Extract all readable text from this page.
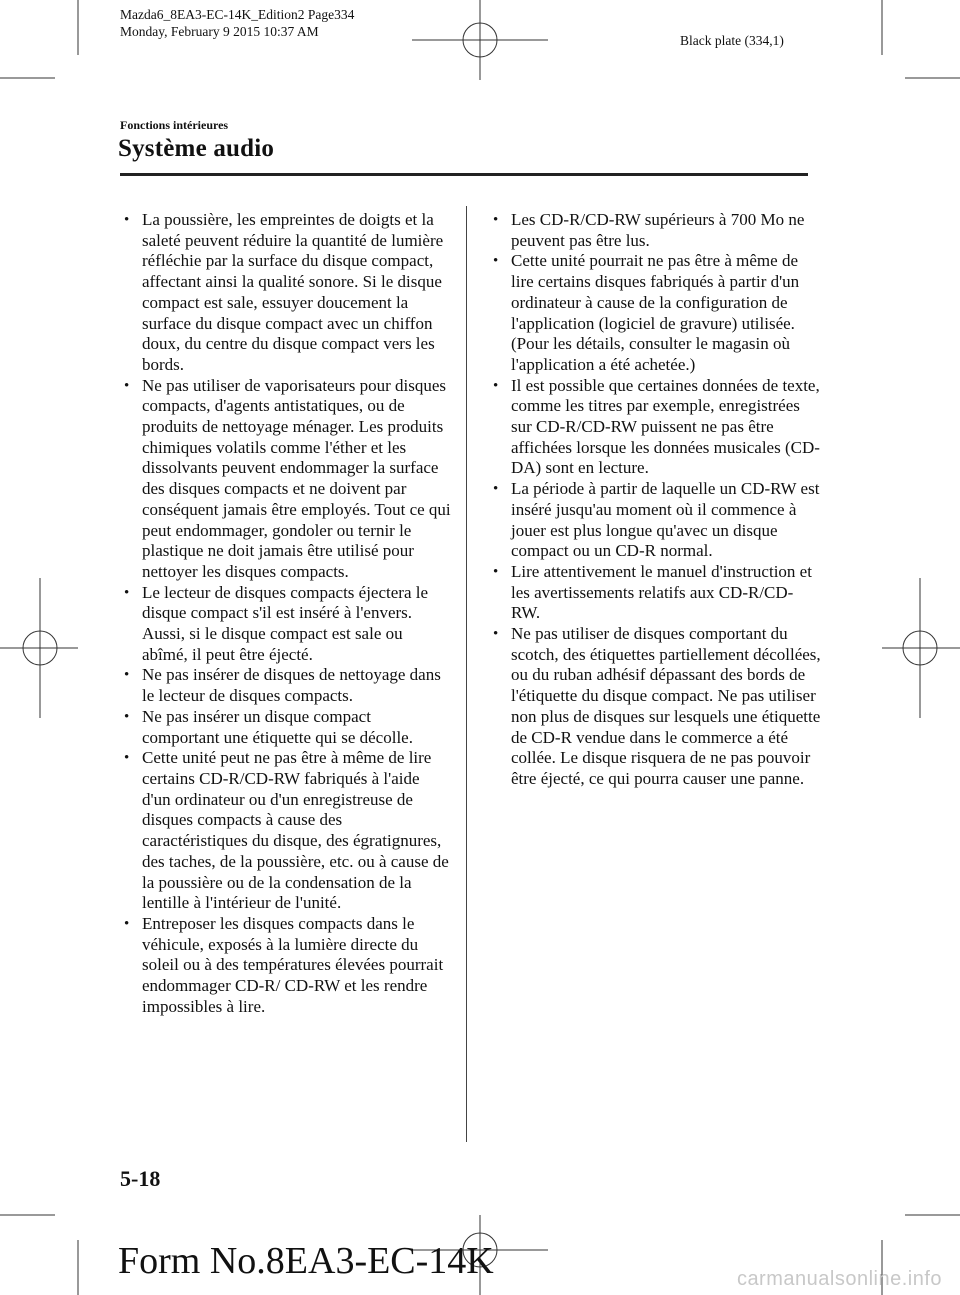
Mazda6_8EA3-EC-14K_Edition2 Page334
Monday, February 9 2015 10:37 AM
Black plate (334,1)
Fonctions intérieures
Système audio
• La poussière, les empreintes de doigts et la saleté peuvent réduire la quantité de lumière réfléchie par la surface du disque compact, affectant ainsi la qualité sonore. Si le disque compact est sale, essuyer doucement la surface du disque compact avec un chiffon doux, du centre du disque compact vers les bords.
• Ne pas utiliser de vaporisateurs pour disques compacts, d'agents antistatiques, ou de produits de nettoyage ménager. Les produits chimiques volatils comme l'éther et les dissolvants peuvent endommager la surface des disques compacts et ne doivent par conséquent jamais être employés. Tout ce qui peut endommager, gondoler ou ternir le plastique ne doit jamais être utilisé pour nettoyer les disques compacts.
• Le lecteur de disques compacts éjectera le disque compact s'il est inséré à l'envers. Aussi, si le disque compact est sale ou abîmé, il peut être éjecté.
• Ne pas insérer de disques de nettoyage dans le lecteur de disques compacts.
• Ne pas insérer un disque compact comportant une étiquette qui se décolle.
• Cette unité peut ne pas être à même de lire certains CD-R/CD-RW fabriqués à l'aide d'un ordinateur ou d'un enregistreuse de disques compacts à cause des caractéristiques du disque, des égratignures, des taches, de la poussière, etc. ou à cause de la poussière ou de la condensation de la lentille à l'intérieur de l'unité.
• Entreposer les disques compacts dans le véhicule, exposés à la lumière directe du soleil ou à des températures élevées pourrait endommager CD-R/ CD-RW et les rendre impossibles à lire.
• Les CD-R/CD-RW supérieurs à 700 Mo ne peuvent pas être lus.
• Cette unité pourrait ne pas être à même de lire certains disques fabriqués à partir d'un ordinateur à cause de la configuration de l'application (logiciel de gravure) utilisée. (Pour les détails, consulter le magasin où l'application a été achetée.)
• Il est possible que certaines données de texte, comme les titres par exemple, enregistrées sur CD-R/CD-RW puissent ne pas être affichées lorsque les données musicales (CD-DA) sont en lecture.
• La période à partir de laquelle un CD-RW est inséré jusqu'au moment où il commence à jouer est plus longue qu'avec un disque compact ou un CD-R normal.
• Lire attentivement le manuel d'instruction et les avertissements relatifs aux CD-R/CD-RW.
• Ne pas utiliser de disques comportant du scotch, des étiquettes partiellement décollées, ou du ruban adhésif dépassant des bords de l'étiquette du disque compact. Ne pas utiliser non plus de disques sur lesquels une étiquette de CD-R vendue dans le commerce a été collée. Le disque risquera de ne pas pouvoir être éjecté, ce qui pourra causer une panne.
5-18
Form No.8EA3-EC-14K	carmanualsonline.info
